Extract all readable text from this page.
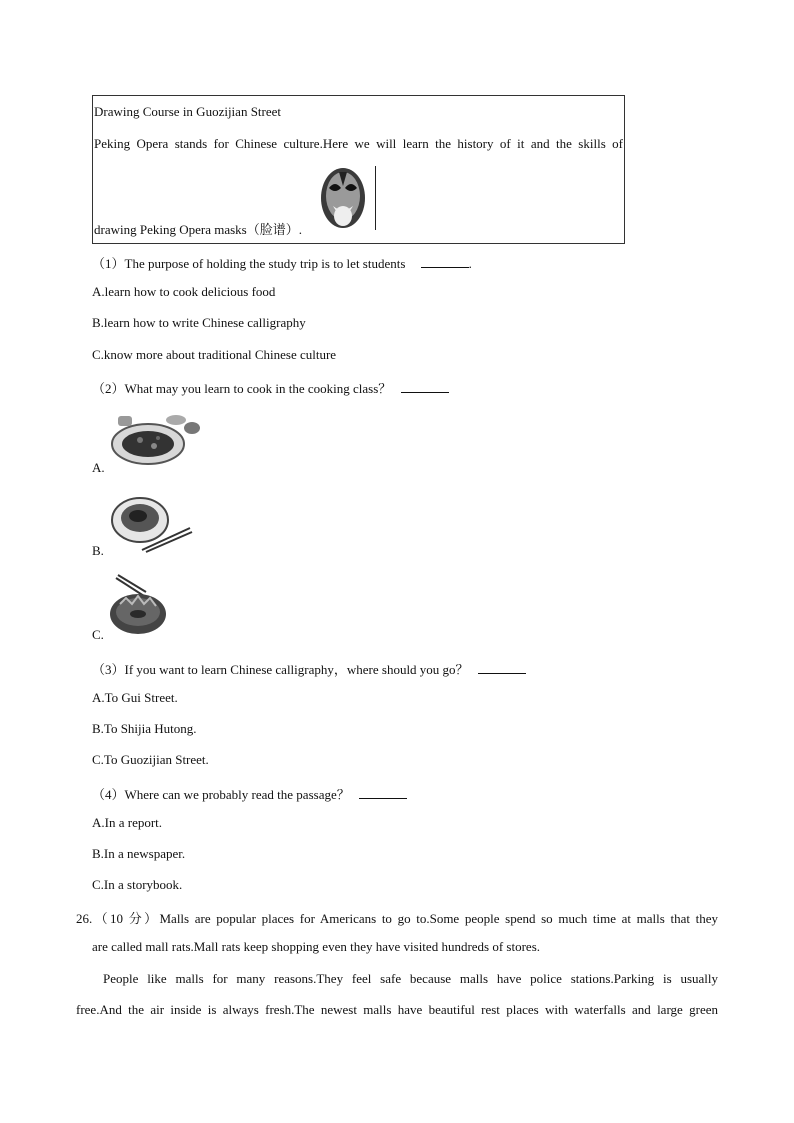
Drawing Course in Guozijian Street
Peking Opera stands for Chinese culture.Here we will learn the history of it and the skills of
drawing Peking Opera masks（脸谱）.
（1）The purpose of holding the study trip is to let students	.
A.learn how to cook delicious food
B.learn how to write Chinese calligraphy
C.know more about traditional Chinese culture
（2）What may you learn to cook in the cooking class？
A.
B.
C.
（3）If you want to learn Chinese calligraphy，where should you go？
A.To Gui Street.
B.To Shijia Hutong.
C.To Guozijian Street.
（4）Where can we probably read the passage？
A.In a report.
B.In a newspaper.
C.In a storybook.
26.（10 分）Malls are popular places for Americans to go to.Some people spend so much time at malls that they
are called mall rats.Mall rats keep shopping even they have visited hundreds of stores.
People like malls for many reasons.They feel safe because malls have police stations.Parking is usually
free.And the air inside is always fresh.The newest malls have beautiful rest places with waterfalls and large green
